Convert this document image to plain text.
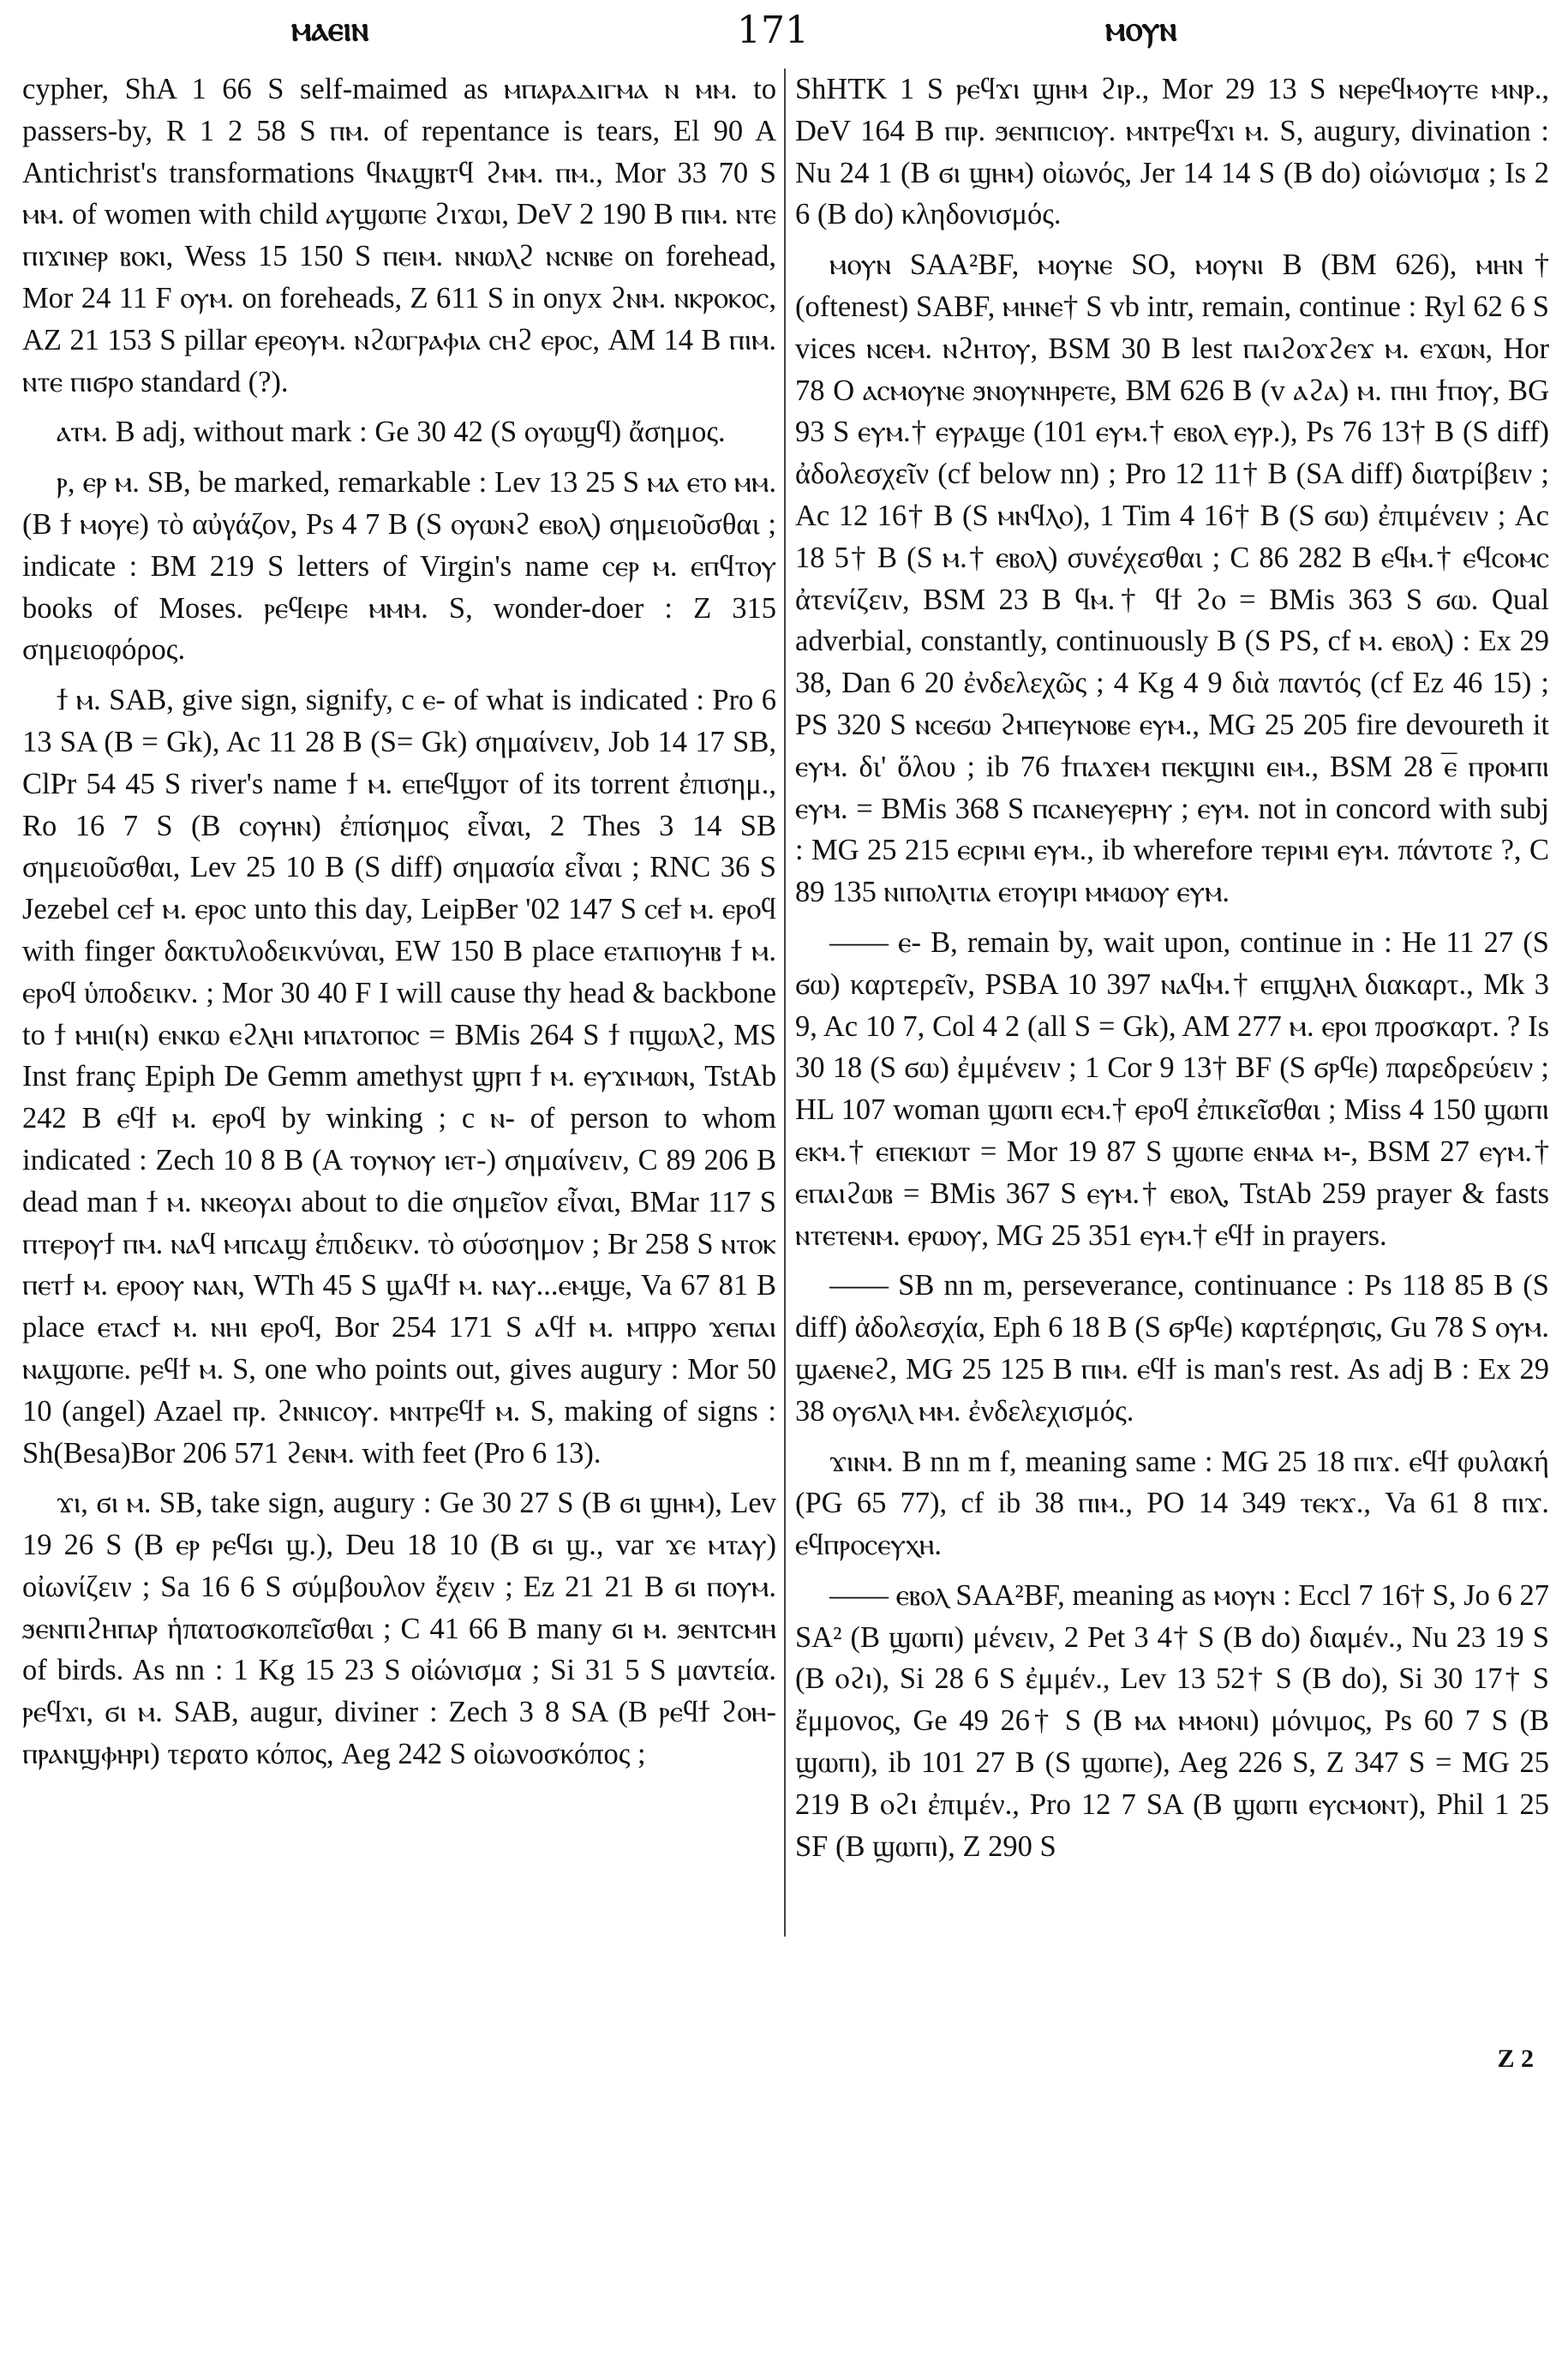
ⲙⲁⲉⲓⲛ	171	ⲙⲟⲩⲛ

cypher, ShA 1 66 S self-maimed as ⲙⲡⲁⲣⲁⲇⲓⲅⲙⲁ ⲛ ⲙⲙ. to passers-by, R 1 2 58 S ⲡⲙ. of repentance is tears, El 90 A Antichrist's transformations ϥⲛⲁϣⲃⲧϥ ϩⲙⲙ. ⲡⲙ., Mor 33 70 S ⲙⲙ. of women with child ⲁⲩϣⲱⲡⲉ ϩⲓϫⲱⲓ, DeV 2 190 B ⲡⲓⲙ. ⲛⲧⲉ ⲡⲓϫⲓⲛⲉⲣ ⲃⲟⲕⲓ, Wess 15 150 S ⲡⲉⲓⲙ. ⲛⲛⲱⲗϩ ⲛⲥⲛⲃⲉ on forehead, Mor 24 11 F ⲟⲩⲙ. on foreheads, Z 611 S in onyx ϩⲛⲙ. ⲛⲕⲣⲟⲕⲟⲥ, AZ 21 153 S pillar ⲉⲣⲉⲟⲩⲙ. ⲛϩⲱⲅⲣⲁⲫⲓⲁ ⲥⲏϩ ⲉⲣⲟⲥ, AM 14 B ⲡⲓⲙ. ⲛⲧⲉ ⲡⲓϭⲣⲟ standard (?).

ⲁⲧⲙ. B adj, without mark : Ge 30 42 (S ⲟⲩⲱϣϥ) ἄσημος.

ⲣ, ⲉⲣ ⲙ. SB, be marked, remarkable : Lev 13 25 S ⲙⲁ ⲉⲧⲟ ⲙⲙ. (B ϯ ⲙⲟⲩⲉ) τὸ αὐγάζον, Ps 4 7 B (S ⲟⲩⲱⲛϩ ⲉⲃⲟⲗ) σημειοῦσθαι ; indicate : BM 219 S letters of Virgin's name ⲥⲉⲣ ⲙ. ⲉⲡϥⲧⲟⲩ books of Moses. ⲣⲉϥⲉⲓⲣⲉ ⲙⲙⲙ. S, wonder-doer : Z 315 σημειοφόρος.

ϯ ⲙ. SAB, give sign, signify, c ⲉ- of what is indicated : Pro 6 13 SA (B = Gk), Ac 11 28 B (S= Gk) σημαίνειν, Job 14 17 SB, ClPr 54 45 S river's name ϯ ⲙ. ⲉⲡⲉϥϣⲟⲧ of its torrent ἐπισημ., Ro 16 7 S (B ⲥⲟⲩⲏⲛ) ἐπίσημος εἶναι, 2 Thes 3 14 SB σημειοῦσθαι, Lev 25 10 B (S diff) σημασία εἶναι ; RNC 36 S Jezebel ⲥⲉϯ ⲙ. ⲉⲣⲟⲥ unto this day, LeipBer '02 147 S ⲥⲉϯ ⲙ. ⲉⲣⲟϥ with finger δακτυλοδεικνύναι, EW 150 B place ⲉⲧⲁⲡⲓⲟⲩⲏⲃ ϯ ⲙ. ⲉⲣⲟϥ ὑποδεικν. ; Mor 30 40 F I will cause thy head & backbone to ϯ ⲙⲏⲓ(ⲛ) ⲉⲛⲕⲱ ⲉϩⲗⲏⲓ ⲙⲡⲁⲧⲟⲡⲟⲥ = BMis 264 S ϯ ⲡϣⲱⲗϩ, MS Inst franç Epiph De Gemm amethyst ϣⲣⲡ ϯ ⲙ. ⲉⲩϫⲓⲙⲱⲛ, TstAb 242 B ⲉϥϯ ⲙ. ⲉⲣⲟϥ by winking ; c ⲛ- of person to whom indicated : Zech 10 8 B (A ⲧⲟⲩⲛⲟⲩ ⲓⲉⲧ-) σημαίνειν, C 89 206 B dead man ϯ ⲙ. ⲛⲕⲉⲟⲩⲁⲓ about to die σημεῖον εἶναι, BMar 117 S ⲡⲧⲉⲣⲟⲩϯ ⲡⲙ. ⲛⲁϥ ⲙⲡⲥⲁϣ ἐπιδεικν. τὸ σύσσημον ; Br 258 S ⲛⲧⲟⲕ ⲡⲉⲧϯ ⲙ. ⲉⲣⲟⲟⲩ ⲛⲁⲛ, WTh 45 S ϣⲁϥϯ ⲙ. ⲛⲁⲩ...ⲉⲙϣⲉ, Va 67 81 B place ⲉⲧⲁⲥϯ ⲙ. ⲛⲏⲓ ⲉⲣⲟϥ, Bor 254 171 S ⲁϥϯ ⲙ. ⲙⲡⲣⲣⲟ ϫⲉⲡⲁⲓ ⲛⲁϣⲱⲡⲉ. ⲣⲉϥϯ ⲙ. S, one who points out, gives augury : Mor 50 10 (angel) Azael ⲡⲣ. ϩⲛⲛⲓⲥⲟⲩ. ⲙⲛⲧⲣⲉϥϯ ⲙ. S, making of signs : Sh(Besa)Bor 206 571 ϩⲉⲛⲙ. with feet (Pro 6 13).

ϫⲓ, ϭⲓ ⲙ. SB, take sign, augury : Ge 30 27 S (B ϭⲓ ϣⲏⲙ), Lev 19 26 S (B ⲉⲣ ⲣⲉϥϭⲓ ϣ.), Deu 18 10 (B ϭⲓ ϣ., var ϫⲉ ⲙⲧⲁⲩ) οἰωνίζειν ; Sa 16 6 S σύμβουλον ἔχειν ; Ez 21 21 B ϭⲓ ⲡⲟⲩⲙ. ϧⲉⲛⲡⲓϩⲏⲡⲁⲣ ἡπατοσκοπεῖσθαι ; C 41 66 B many ϭⲓ ⲙ. ϧⲉⲛⲧⲥⲙⲏ of birds. As nn : 1 Kg 15 23 S οἰώνισμα ; Si 31 5 S μαντεία. ⲣⲉϥϫⲓ, ϭⲓ ⲙ. SAB, augur, diviner : Zech 3 8 SA (B ⲣⲉϥϯ ϩⲟⲏ- ⲡⲣⲁⲛϣⲫⲏⲣⲓ) τερατο κόπος, Aeg 242 S οἰωνοσκόπος ;

ShHTK 1 S ⲣⲉϥϫⲓ ϣⲏⲙ ϩⲓⲣ., Mor 29 13 S ⲛⲉⲣⲉϥⲙⲟⲩⲧⲉ ⲙⲛⲣ., DeV 164 B ⲡⲓⲣ. ϧⲉⲛⲡⲓⲥⲓⲟⲩ. ⲙⲛⲧⲣⲉϥϫⲓ ⲙ. S, augury, divination : Nu 24 1 (B ϭⲓ ϣⲏⲙ) οἰωνός, Jer 14 14 S (B do) οἰώνισμα ; Is 2 6 (B do) κληδονισμός.

ⲙⲟⲩⲛ SAA²BF, ⲙⲟⲩⲛⲉ SO, ⲙⲟⲩⲛⲓ B (BM 626), ⲙⲏⲛ† (oftenest) SABF, ⲙⲏⲛⲉ† S vb intr, remain, continue : Ryl 62 6 S vices ⲛⲥⲉⲙ. ⲛϩⲏⲧⲟⲩ, BSM 30 B lest ⲡⲁⲓϩⲟϫϩⲉϫ ⲙ. ⲉϫⲱⲛ, Hor 78 O ⲁⲥⲙⲟⲩⲛⲉ ϧⲛⲟⲩⲛⲏⲣⲉⲧⲉ, BM 626 B (v ⲁϩⲁ) ⲙ. ⲡⲏⲓ ϯⲡⲟⲩ, BG 93 S ⲉⲩⲙ.† ⲉⲩⲣⲁϣⲉ (101 ⲉⲩⲙ.† ⲉⲃⲟⲗ ⲉⲩⲣ.), Ps 76 13† B (S diff) ἀδολεσχεῖν (cf below nn) ; Pro 12 11† B (SA diff) διατρίβειν ; Ac 12 16† B (S ⲙⲛϥⲗⲟ), 1 Tim 4 16† B (S ϭⲱ) ἐπιμένειν ; Ac 18 5† B (S ⲙ.† ⲉⲃⲟⲗ) συνέχεσθαι ; C 86 282 B ⲉϥⲙ.† ⲉϥⲥⲟⲙⲥ ἀτενίζειν, BSM 23 B ϥⲙ.† ϥϯ ϩⲟ = BMis 363 S ϭⲱ. Qual adverbial, constantly, continuously B (S PS, cf ⲙ. ⲉⲃⲟⲗ) : Ex 29 38, Dan 6 20 ἐνδελεχῶς ; 4 Kg 4 9 διὰ παντός (cf Ez 46 15) ; PS 320 S ⲛⲥⲉϭⲱ ϩⲙⲡⲉⲩⲛⲟⲃⲉ ⲉⲩⲙ., MG 25 205 fire devoureth it ⲉⲩⲙ. δι' ὅλου ; ib 76 ϯⲡⲁϫⲉⲙ ⲡⲉⲕϣⲓⲛⲓ ⲉⲓⲙ., BSM 28 ⲉ̅ ⲡⲣⲟⲙⲡⲓ ⲉⲩⲙ. = BMis 368 S ⲡⲥⲁⲛⲉⲩⲉⲣⲏⲩ ; ⲉⲩⲙ. not in concord with subj : MG 25 215 ⲉⲥⲣⲓⲙⲓ ⲉⲩⲙ., ib wherefore ⲧⲉⲣⲓⲙⲓ ⲉⲩⲙ. πάντοτε ?, C 89 135 ⲛⲓⲡⲟⲗⲓⲧⲓⲁ ⲉⲧⲟⲩⲓⲣⲓ ⲙⲙⲱⲟⲩ ⲉⲩⲙ.

—— ⲉ- B, remain by, wait upon, continue in : He 11 27 (S ϭⲱ) καρτερεῖν, PSBA 10 397 ⲛⲁϥⲙ.† ⲉⲡϣⲗⲏⲗ διακαρτ., Mk 3 9, Ac 10 7, Col 4 2 (all S = Gk), AM 277 ⲙ. ⲉⲣⲟⲓ προσκαρτ. ? Is 30 18 (S ϭⲱ) ἐμμένειν ; 1 Cor 9 13† BF (S ϭⲣϥⲉ) παρεδρεύειν ; HL 107 woman ϣⲱⲡⲓ ⲉⲥⲙ.† ⲉⲣⲟϥ ἐπικεῖσθαι ; Miss 4 150 ϣⲱⲡⲓ ⲉⲕⲙ.† ⲉⲡⲉⲕⲓⲱⲧ = Mor 19 87 S ϣⲱⲡⲉ ⲉⲛⲙⲁ ⲙ-, BSM 27 ⲉⲩⲙ.† ⲉⲡⲁⲓϩⲱⲃ = BMis 367 S ⲉⲩⲙ.† ⲉⲃⲟⲗ, TstAb 259 prayer & fasts ⲛⲧⲉⲧⲉⲛⲙ. ⲉⲣⲱⲟⲩ, MG 25 351 ⲉⲩⲙ.† ⲉϥϯ in prayers.

—— SB nn m, perseverance, continuance : Ps 118 85 B (S diff) ἀδολεσχία, Eph 6 18 B (S ϭⲣϥⲉ) καρτέρησις, Gu 78 S ⲟⲩⲙ. ϣⲁⲉⲛⲉϩ, MG 25 125 B ⲡⲓⲙ. ⲉϥϯ is man's rest. As adj B : Ex 29 38 ⲟⲩϭⲗⲓⲗ ⲙⲙ. ἐνδελεχισμός.

ϫⲓⲛⲙ. B nn m f, meaning same : MG 25 18 ⲡⲓϫ. ⲉϥϯ φυλακή (PG 65 77), cf ib 38 ⲡⲓⲙ., PO 14 349 ⲧⲉⲕϫ., Va 61 8 ⲡⲓϫ. ⲉϥⲡⲣⲟⲥⲉⲩⲭⲏ.

—— ⲉⲃⲟⲗ SAA²BF, meaning as ⲙⲟⲩⲛ : Eccl 7 16† S, Jo 6 27 SA² (B ϣⲱⲡⲓ) μένειν, 2 Pet 3 4† S (B do) διαμέν., Nu 23 19 S (B ⲟϩⲓ), Si 28 6 S ἐμμέν., Lev 13 52† S (B do), Si 30 17† S ἔμμονος, Ge 49 26† S (B ⲙⲁ ⲙⲙⲟⲛⲓ) μόνιμος, Ps 60 7 S (B ϣⲱⲡⲓ), ib 101 27 B (S ϣⲱⲡⲉ), Aeg 226 S, Z 347 S = MG 25 219 B ⲟϩⲓ ἐπιμέν., Pro 12 7 SA (B ϣⲱⲡⲓ ⲉⲩⲥⲙⲟⲛⲧ), Phil 1 25 SF (B ϣⲱⲡⲓ), Z 290 S

Z 2
